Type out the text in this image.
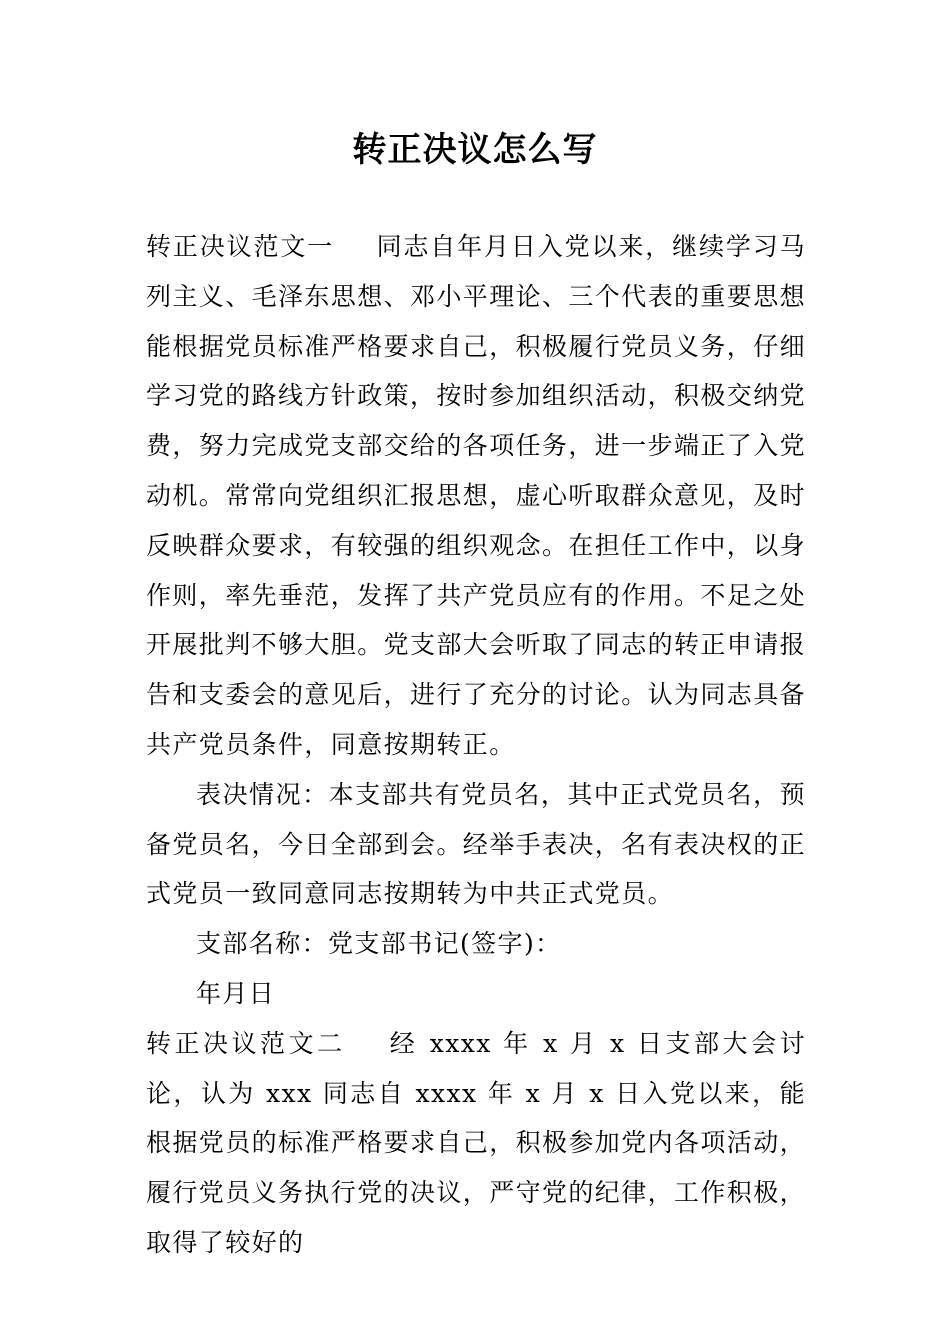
转正决议怎么写

转正决议范文一 同志自年月日入党以来，继续学习马列主义、毛泽东思想、邓小平理论、三个代表的重要思想能根据党员标准严格要求自己，积极履行党员义务，仔细学习党的路线方针政策，按时参加组织活动，积极交纳党费，努力完成党支部交给的各项任务，进一步端正了入党动机。常常向党组织汇报思想，虚心听取群众意见，及时反映群众要求，有较强的组织观念。在担任工作中，以身作则，率先垂范，发挥了共产党员应有的作用。不足之处开展批判不够大胆。党支部大会听取了同志的转正申请报告和支委会的意见后，进行了充分的讨论。认为同志具备共产党员条件，同意按期转正。

表决情况：本支部共有党员名，其中正式党员名，预备党员名，今日全部到会。经举手表决，名有表决权的正式党员一致同意同志按期转为中共正式党员。

支部名称：党支部书记(签字)：

年月日

转正决议范文二 经 xxxx 年 x 月 x 日支部大会讨论，认为 xxx 同志自 xxxx 年 x 月 x 日入党以来，能根据党员的标准严格要求自己，积极参加党内各项活动，履行党员义务执行党的决议，严守党的纪律，工作积极，取得了较好的
